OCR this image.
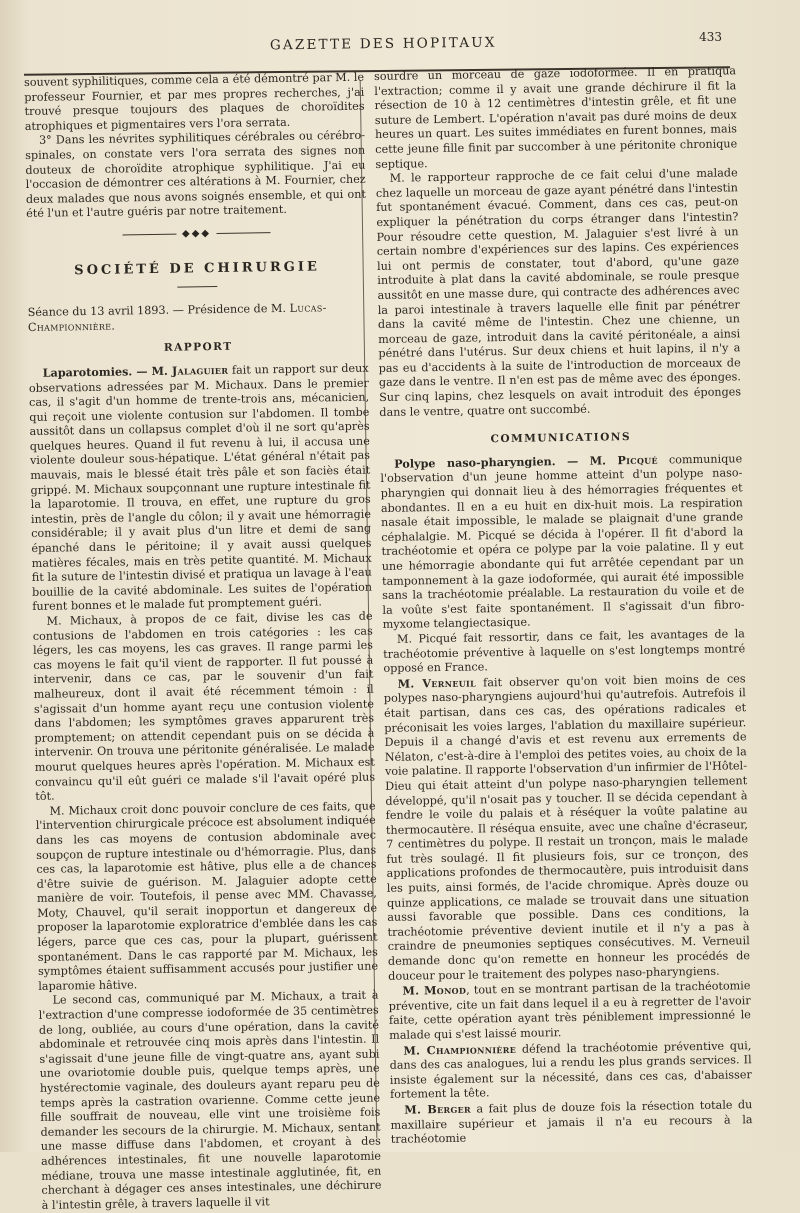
GAZETTE DES HOPITAUX	433

souvent syphilitiques, comme cela a été démontré par M. le professeur Fournier, et par mes propres recherches, j'ai trouvé presque toujours des plaques de choroïdites atrophiques et pigmentaires vers l'ora serrata.

3° Dans les névrites syphilitiques cérébrales ou cérébro-spinales, on constate vers l'ora serrata des signes non douteux de choroïdite atrophique syphilitique. J'ai eu l'occasion de démontrer ces altérations à M. Fournier, chez deux malades que nous avons soignés ensemble, et qui ont été l'un et l'autre guéris par notre traitement.

◆◆◆
SOCIÉTÉ DE CHIRURGIE

Séance du 13 avril 1893. — Présidence de M. Lucas-Championnière.

RAPPORT

Laparotomies. — M. Jalaguier fait un rapport sur deux observations adressées par M. Michaux. Dans le premier cas, il s'agit d'un homme de trente-trois ans, mécanicien, qui reçoit une violente contusion sur l'abdomen. Il tombe aussitôt dans un collapsus complet d'où il ne sort qu'après quelques heures. Quand il fut revenu à lui, il accusa une violente douleur sous-hépatique. L'état général n'était pas mauvais, mais le blessé était très pâle et son faciès était grippé. M. Michaux soupçonnant une rupture intestinale fit la laparotomie. Il trouva, en effet, une rupture du gros intestin, près de l'angle du côlon; il y avait une hémorragie considérable; il y avait plus d'un litre et demi de sang épanché dans le péritoine; il y avait aussi quelques matières fécales, mais en très petite quantité. M. Michaux fit la suture de l'intestin divisé et pratiqua un lavage à l'eau bouillie de la cavité abdominale. Les suites de l'opération furent bonnes et le malade fut promptement guéri.

M. Michaux, à propos de ce fait, divise les cas de contusions de l'abdomen en trois catégories : les cas légers, les cas moyens, les cas graves. Il range parmi les cas moyens le fait qu'il vient de rapporter. Il fut poussé à intervenir, dans ce cas, par le souvenir d'un fait malheureux, dont il avait été récemment témoin : il s'agissait d'un homme ayant reçu une contusion violente dans l'abdomen; les symptômes graves apparurent très promptement; on attendit cependant puis on se décida à intervenir. On trouva une péritonite généralisée. Le malade mourut quelques heures après l'opération. M. Michaux est convaincu qu'il eût guéri ce malade s'il l'avait opéré plus tôt.

M. Michaux croit donc pouvoir conclure de ces faits, que l'intervention chirurgicale précoce est absolument indiquée dans les cas moyens de contusion abdominale avec soupçon de rupture intestinale ou d'hémorragie. Plus, dans ces cas, la laparotomie est hâtive, plus elle a de chances d'être suivie de guérison. M. Jalaguier adopte cette manière de voir. Toutefois, il pense avec MM. Chavasse, Moty, Chauvel, qu'il serait inopportun et dangereux de proposer la laparotomie exploratrice d'emblée dans les cas légers, parce que ces cas, pour la plupart, guérissent spontanément. Dans le cas rapporté par M. Michaux, les symptômes étaient suffisamment accusés pour justifier une laparomie hâtive.

Le second cas, communiqué par M. Michaux, a trait à l'extraction d'une compresse iodoformée de 35 centimètres de long, oubliée, au cours d'une opération, dans la cavité abdominale et retrouvée cinq mois après dans l'intestin. Il s'agissait d'une jeune fille de vingt-quatre ans, ayant subi une ovariotomie double puis, quelque temps après, une hystérectomie vaginale, des douleurs ayant reparu peu de temps après la castration ovarienne. Comme cette jeune fille souffrait de nouveau, elle vint une troisième fois demander les secours de la chirurgie. M. Michaux, sentant une masse diffuse dans l'abdomen, et croyant à des adhérences intestinales, fit une nouvelle laparotomie médiane, trouva une masse intestinale agglutinée, fit, en cherchant à dégager ces anses intestinales, une déchirure à l'intestin grêle, à travers laquelle il vit

sourdre un morceau de gaze iodoformée. Il en pratiqua l'extraction; comme il y avait une grande déchirure il fit la résection de 10 à 12 centimètres d'intestin grêle, et fit une suture de Lembert. L'opération n'avait pas duré moins de deux heures un quart. Les suites immédiates en furent bonnes, mais cette jeune fille finit par succomber à une péritonite chronique septique.

M. le rapporteur rapproche de ce fait celui d'une malade chez laquelle un morceau de gaze ayant pénétré dans l'intestin fut spontanément évacué. Comment, dans ces cas, peut-on expliquer la pénétration du corps étranger dans l'intestin? Pour résoudre cette question, M. Jalaguier s'est livré à un certain nombre d'expériences sur des lapins. Ces expériences lui ont permis de constater, tout d'abord, qu'une gaze introduite à plat dans la cavité abdominale, se roule presque aussitôt en une masse dure, qui contracte des adhérences avec la paroi intestinale à travers laquelle elle finit par pénétrer dans la cavité même de l'intestin. Chez une chienne, un morceau de gaze, introduit dans la cavité péritonéale, a ainsi pénétré dans l'utérus. Sur deux chiens et huit lapins, il n'y a pas eu d'accidents à la suite de l'introduction de morceaux de gaze dans le ventre. Il n'en est pas de même avec des éponges. Sur cinq lapins, chez lesquels on avait introduit des éponges dans le ventre, quatre ont succombé.

COMMUNICATIONS

Polype naso-pharyngien. — M. Picqué communique l'observation d'un jeune homme atteint d'un polype naso-pharyngien qui donnait lieu à des hémorragies fréquentes et abondantes. Il en a eu huit en dix-huit mois. La respiration nasale était impossible, le malade se plaignait d'une grande céphalalgie. M. Picqué se décida à l'opérer. Il fit d'abord la trachéotomie et opéra ce polype par la voie palatine. Il y eut une hémorragie abondante qui fut arrêtée cependant par un tamponnement à la gaze iodoformée, qui aurait été impossible sans la trachéotomie préalable. La restauration du voile et de la voûte s'est faite spontanément. Il s'agissait d'un fibro-myxome telangiectasique.

M. Picqué fait ressortir, dans ce fait, les avantages de la trachéotomie préventive à laquelle on s'est longtemps montré opposé en France.

M. Verneuil fait observer qu'on voit bien moins de ces polypes naso-pharyngiens aujourd'hui qu'autrefois. Autrefois il était partisan, dans ces cas, des opérations radicales et préconisait les voies larges, l'ablation du maxillaire supérieur. Depuis il a changé d'avis et est revenu aux errements de Nélaton, c'est-à-dire à l'emploi des petites voies, au choix de la voie palatine. Il rapporte l'observation d'un infirmier de l'Hôtel-Dieu qui était atteint d'un polype naso-pharyngien tellement développé, qu'il n'osait pas y toucher. Il se décida cependant à fendre le voile du palais et à réséquer la voûte palatine au thermocautère. Il réséqua ensuite, avec une chaîne d'écraseur, 7 centimètres du polype. Il restait un tronçon, mais le malade fut très soulagé. Il fit plusieurs fois, sur ce tronçon, des applications profondes de thermocautère, puis introduisit dans les puits, ainsi formés, de l'acide chromique. Après douze ou quinze applications, ce malade se trouvait dans une situation aussi favorable que possible. Dans ces conditions, la trachéotomie préventive devient inutile et il n'y a pas à craindre de pneumonies septiques consécutives. M. Verneuil demande donc qu'on remette en honneur les procédés de douceur pour le traitement des polypes naso-pharyngiens.

M. Monod, tout en se montrant partisan de la trachéotomie préventive, cite un fait dans lequel il a eu à regretter de l'avoir faite, cette opération ayant très péniblement impressionné le malade qui s'est laissé mourir.

M. Championnière défend la trachéotomie préventive qui, dans des cas analogues, lui a rendu les plus grands services. Il insiste également sur la nécessité, dans ces cas, d'abaisser fortement la tête.

M. Berger a fait plus de douze fois la résection totale du maxillaire supérieur et jamais il n'a eu recours à la trachéotomie
